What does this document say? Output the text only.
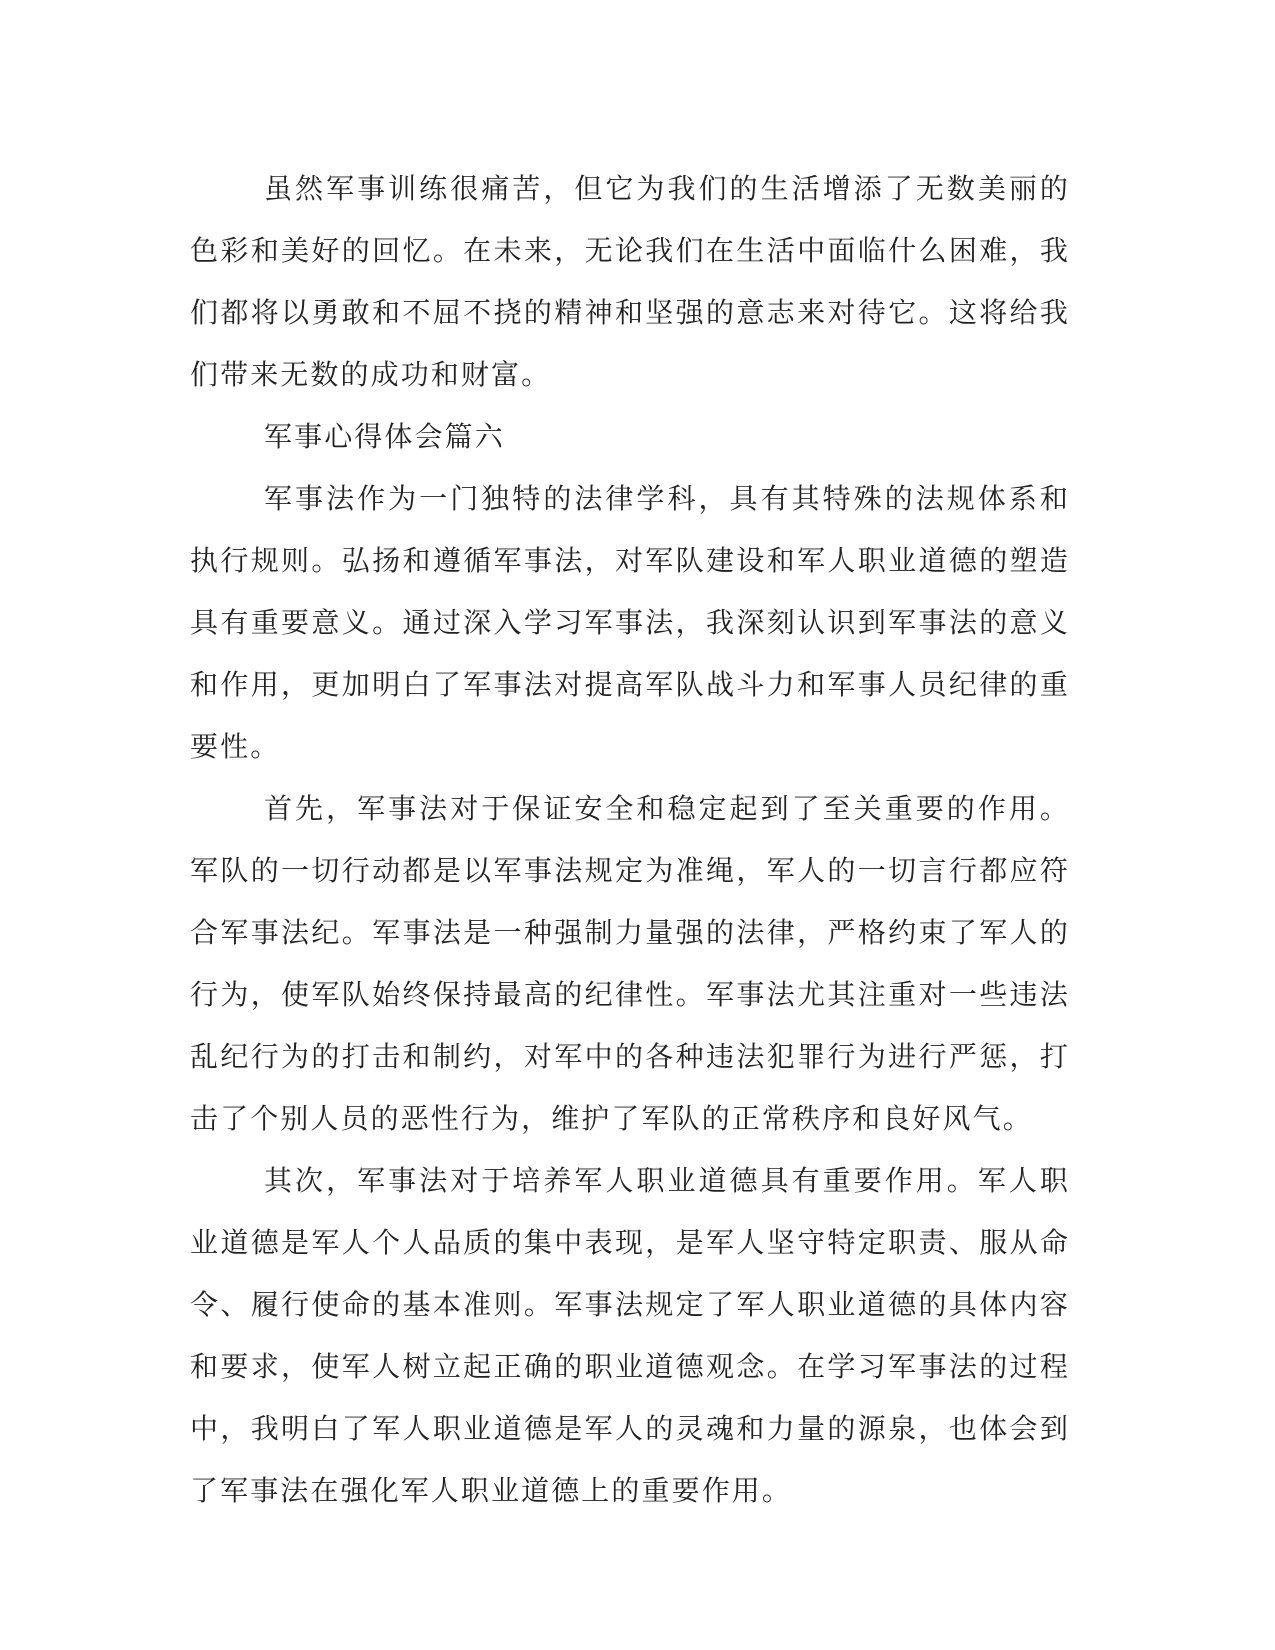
虽然军事训练很痛苦，但它为我们的生活增添了无数美丽的色彩和美好的回忆。在未来，无论我们在生活中面临什么困难，我们都将以勇敢和不屈不挠的精神和坚强的意志来对待它。这将给我们带来无数的成功和财富。

军事心得体会篇六

军事法作为一门独特的法律学科，具有其特殊的法规体系和执行规则。弘扬和遵循军事法，对军队建设和军人职业道德的塑造具有重要意义。通过深入学习军事法，我深刻认识到军事法的意义和作用，更加明白了军事法对提高军队战斗力和军事人员纪律的重要性。

首先，军事法对于保证安全和稳定起到了至关重要的作用。军队的一切行动都是以军事法规定为准绳，军人的一切言行都应符合军事法纪。军事法是一种强制力量强的法律，严格约束了军人的行为，使军队始终保持最高的纪律性。军事法尤其注重对一些违法乱纪行为的打击和制约，对军中的各种违法犯罪行为进行严惩，打击了个别人员的恶性行为，维护了军队的正常秩序和良好风气。

其次，军事法对于培养军人职业道德具有重要作用。军人职业道德是军人个人品质的集中表现，是军人坚守特定职责、服从命令、履行使命的基本准则。军事法规定了军人职业道德的具体内容和要求，使军人树立起正确的职业道德观念。在学习军事法的过程中，我明白了军人职业道德是军人的灵魂和力量的源泉，也体会到了军事法在强化军人职业道德上的重要作用。
